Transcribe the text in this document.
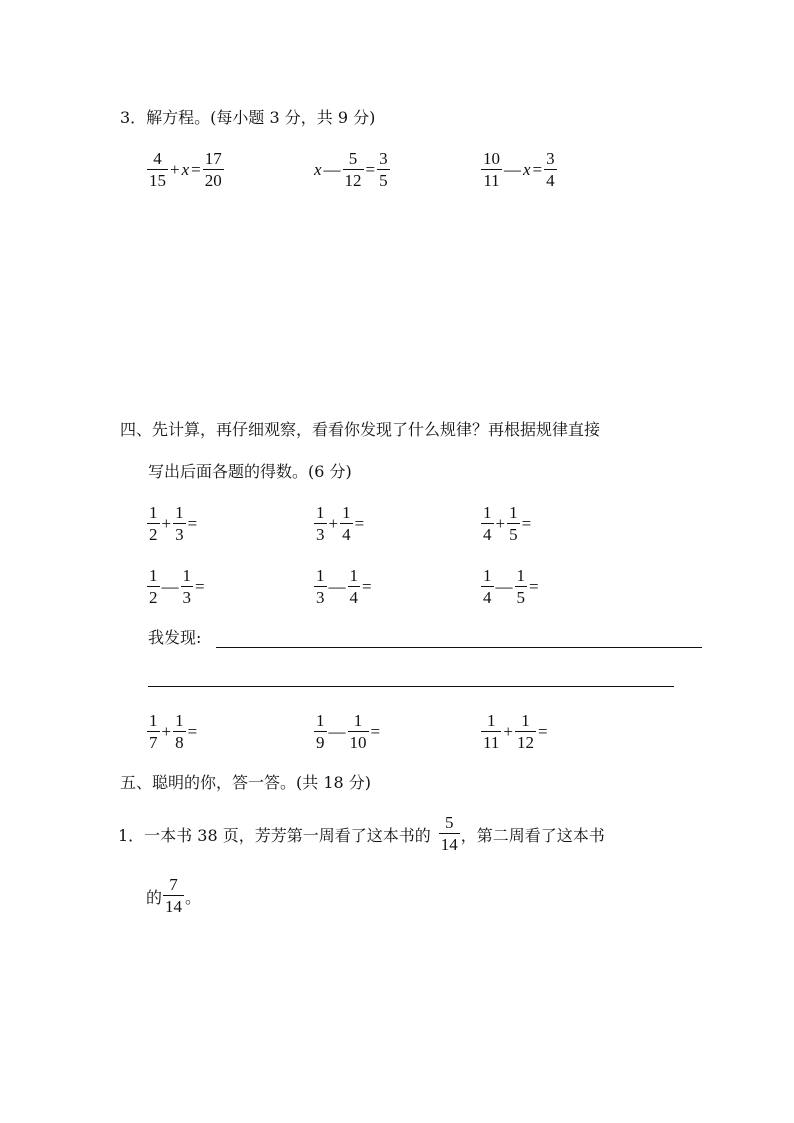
3．解方程。(每小题 3 分，共 9 分)
$\frac{4}{15} + x = \frac{17}{20}$	x — $\frac{5}{12} = \frac{3}{5}$	$\frac{10}{11}$ — $x = \frac{3}{4}$
四、先计算，再仔细观察，看看你发现了什么规律？再根据规律直接
写出后面各题的得数。(6 分)
$\frac{1}{2} + \frac{1}{3}$ =	$\frac{1}{3} + \frac{1}{4}$ =	$\frac{1}{4} + \frac{1}{5}$ =
$\frac{1}{2}$ — $\frac{1}{3}$ =	$\frac{1}{3}$ — $\frac{1}{4}$ =	$\frac{1}{4}$ — $\frac{1}{5}$ =
我发现:
$\frac{1}{7} + \frac{1}{8}$ =	$\frac{1}{9}$ — $\frac{1}{10}$ =	$\frac{1}{11} + \frac{1}{12}$ =
五、聪明的你，答一答。(共 18 分)
1．一本书 38 页，芳芳第一周看了这本书的 $\frac{5}{14}$ ，第二周看了这本书
的 $\frac{7}{14}$ 。
